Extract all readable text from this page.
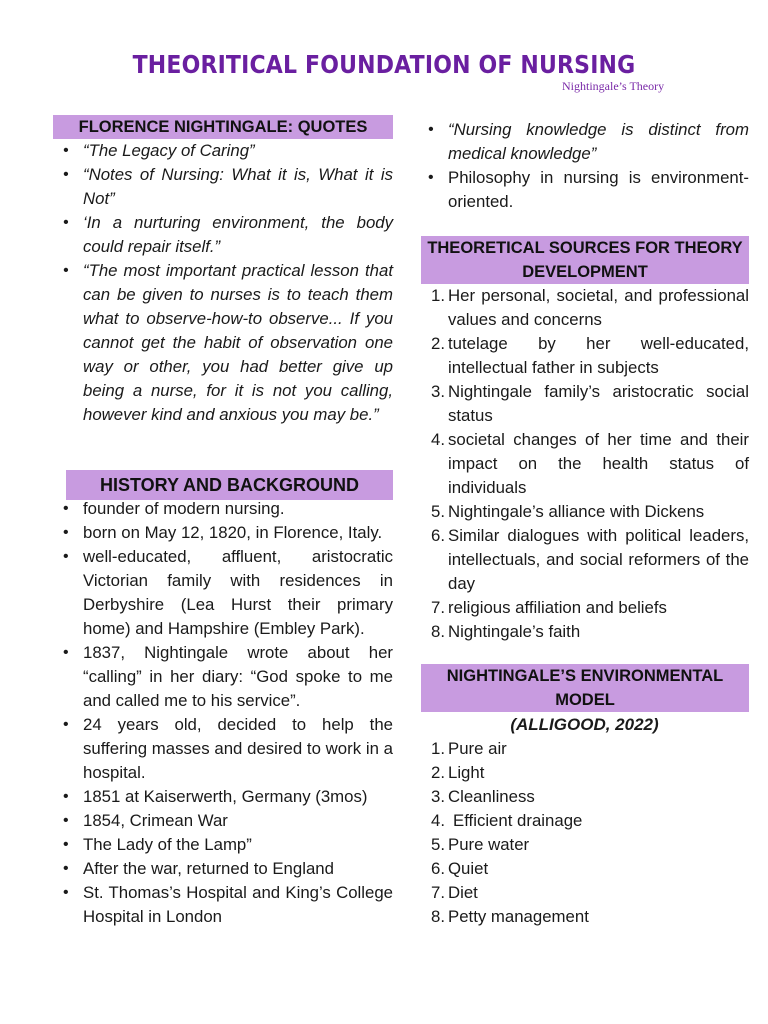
THEORITICAL FOUNDATION OF NURSING
Nightingale’s Theory
FLORENCE NIGHTINGALE: QUOTES
• “The Legacy of Caring”
• “Notes of Nursing: What it is, What it is Not”
• ‘In a nurturing environment, the body could repair itself.”
• “The most important practical lesson that can be given to nurses is to teach them what to observe-how-to observe... If you cannot get the habit of observation one way or other, you had better give up being a nurse, for it is not you calling, however kind and anxious you may be.”
HISTORY AND BACKGROUND
• founder of modern nursing.
• born on May 12, 1820, in Florence, Italy.
• well-educated, affluent, aristocratic Victorian family with residences in Derbyshire (Lea Hurst their primary home) and Hampshire (Embley Park).
• 1837, Nightingale wrote about her “calling” in her diary: “God spoke to me and called me to his service”.
• 24 years old, decided to help the suffering masses and desired to work in a hospital.
• 1851 at Kaiserwerth, Germany (3mos)
• 1854, Crimean War
• The Lady of the Lamp”
• After the war, returned to England
• St. Thomas’s Hospital and King’s College Hospital in London
• “Nursing knowledge is distinct from medical knowledge”
• Philosophy in nursing is environment-oriented.
THEORETICAL SOURCES FOR THEORY DEVELOPMENT
1. Her personal, societal, and professional values and concerns
2. tutelage by her well-educated, intellectual father in subjects
3. Nightingale family’s aristocratic social status
4. societal changes of her time and their impact on the health status of individuals
5. Nightingale’s alliance with Dickens
6. Similar dialogues with political leaders, intellectuals, and social reformers of the day
7. religious affiliation and beliefs
8. Nightingale’s faith
NIGHTINGALE’S ENVIRONMENTAL MODEL
(ALLIGOOD, 2022)
1. Pure air
2. Light
3. Cleanliness
4. Efficient drainage
5. Pure water
6. Quiet
7. Diet
8. Petty management
